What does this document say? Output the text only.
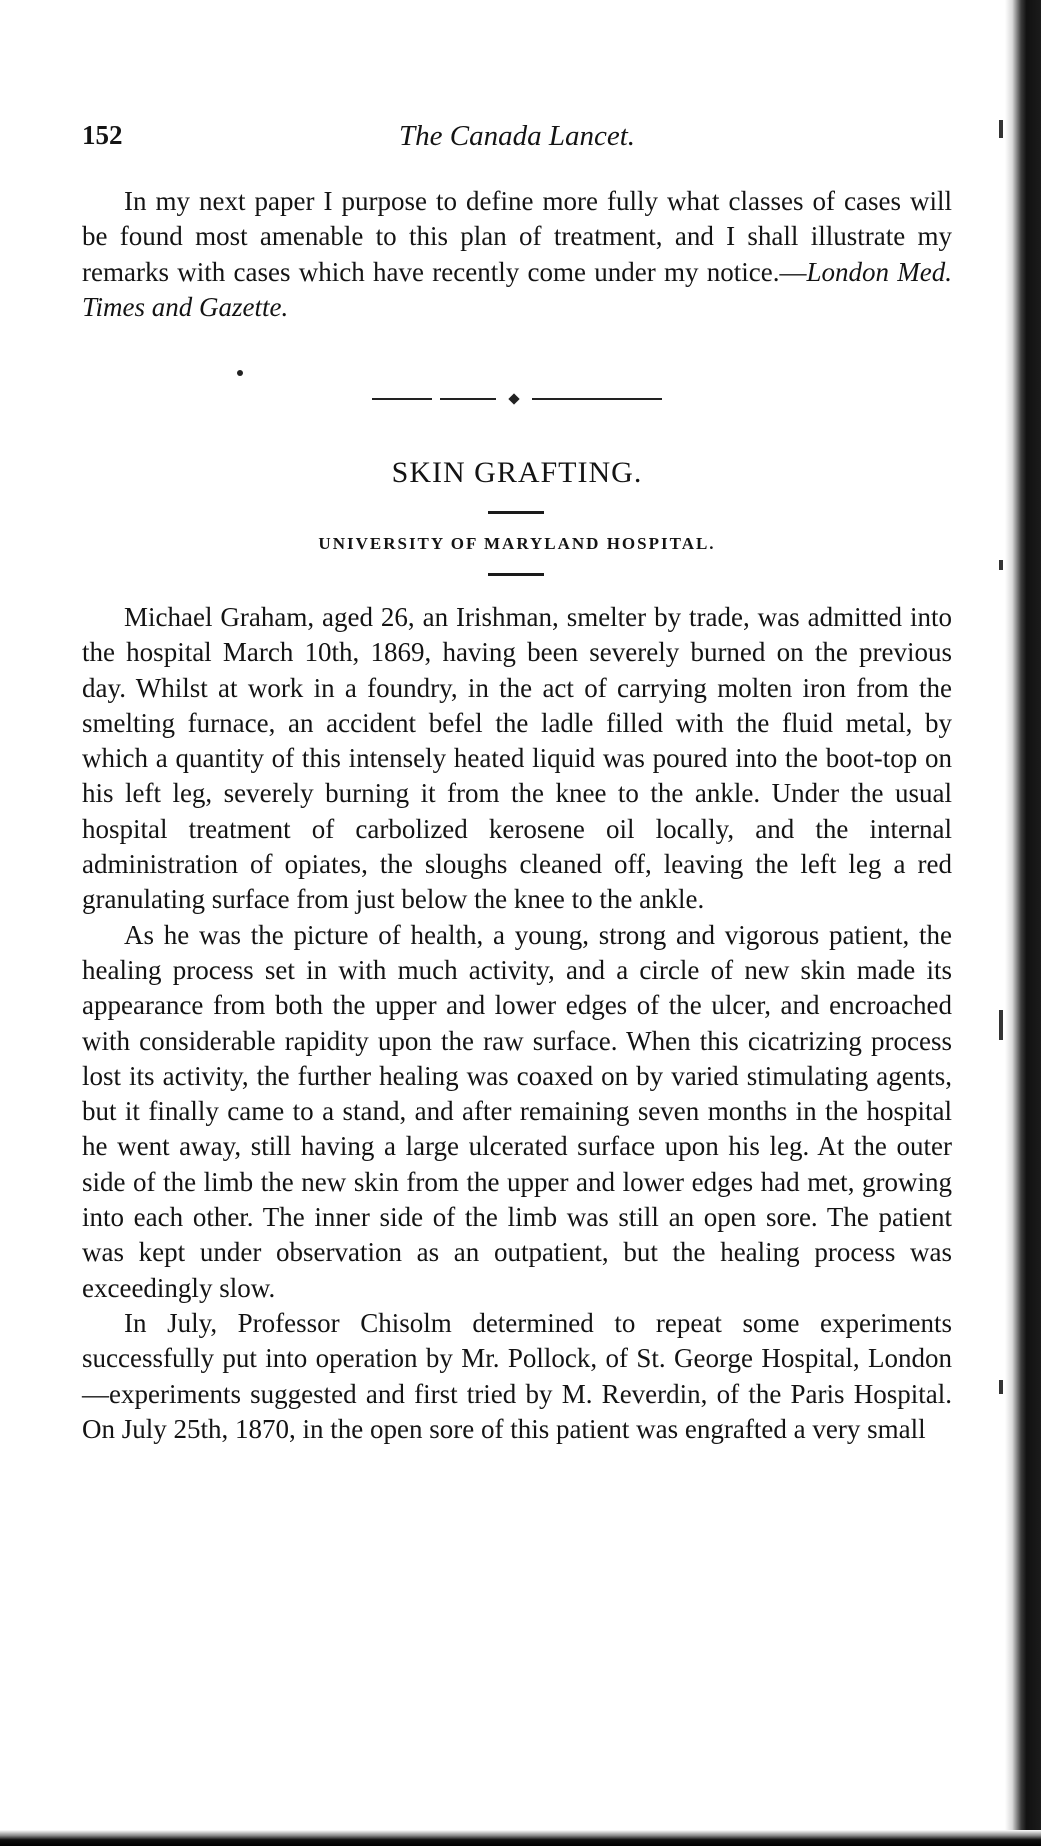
152	The Canada Lancet.

In my next paper I purpose to define more fully what classes of cases will be found most amenable to this plan of treatment, and I shall illustrate my remarks with cases which have recently come under my notice.—London Med. Times and Gazette.

SKIN GRAFTING.
UNIVERSITY OF MARYLAND HOSPITAL.

Michael Graham, aged 26, an Irishman, smelter by trade, was admitted into the hospital March 10th, 1869, having been severely burned on the previous day. Whilst at work in a foundry, in the act of carrying molten iron from the smelting furnace, an accident befel the ladle filled with the fluid metal, by which a quantity of this intensely heated liquid was poured into the boot-top on his left leg, severely burning it from the knee to the ankle. Under the usual hospital treatment of carbolized kerosene oil locally, and the internal administration of opiates, the sloughs cleaned off, leaving the left leg a red granulating surface from just below the knee to the ankle.

As he was the picture of health, a young, strong and vigorous patient, the healing process set in with much activity, and a circle of new skin made its appearance from both the upper and lower edges of the ulcer, and encroached with considerable rapidity upon the raw surface. When this cicatrizing process lost its activity, the further healing was coaxed on by varied stimulating agents, but it finally came to a stand, and after remaining seven months in the hospital he went away, still having a large ulcerated surface upon his leg. At the outer side of the limb the new skin from the upper and lower edges had met, growing into each other. The inner side of the limb was still an open sore. The patient was kept under observation as an outpatient, but the healing process was exceedingly slow.

In July, Professor Chisolm determined to repeat some experiments successfully put into operation by Mr. Pollock, of St. George Hospital, London—experiments suggested and first tried by M. Reverdin, of the Paris Hospital. On July 25th, 1870, in the open sore of this patient was engrafted a very small
